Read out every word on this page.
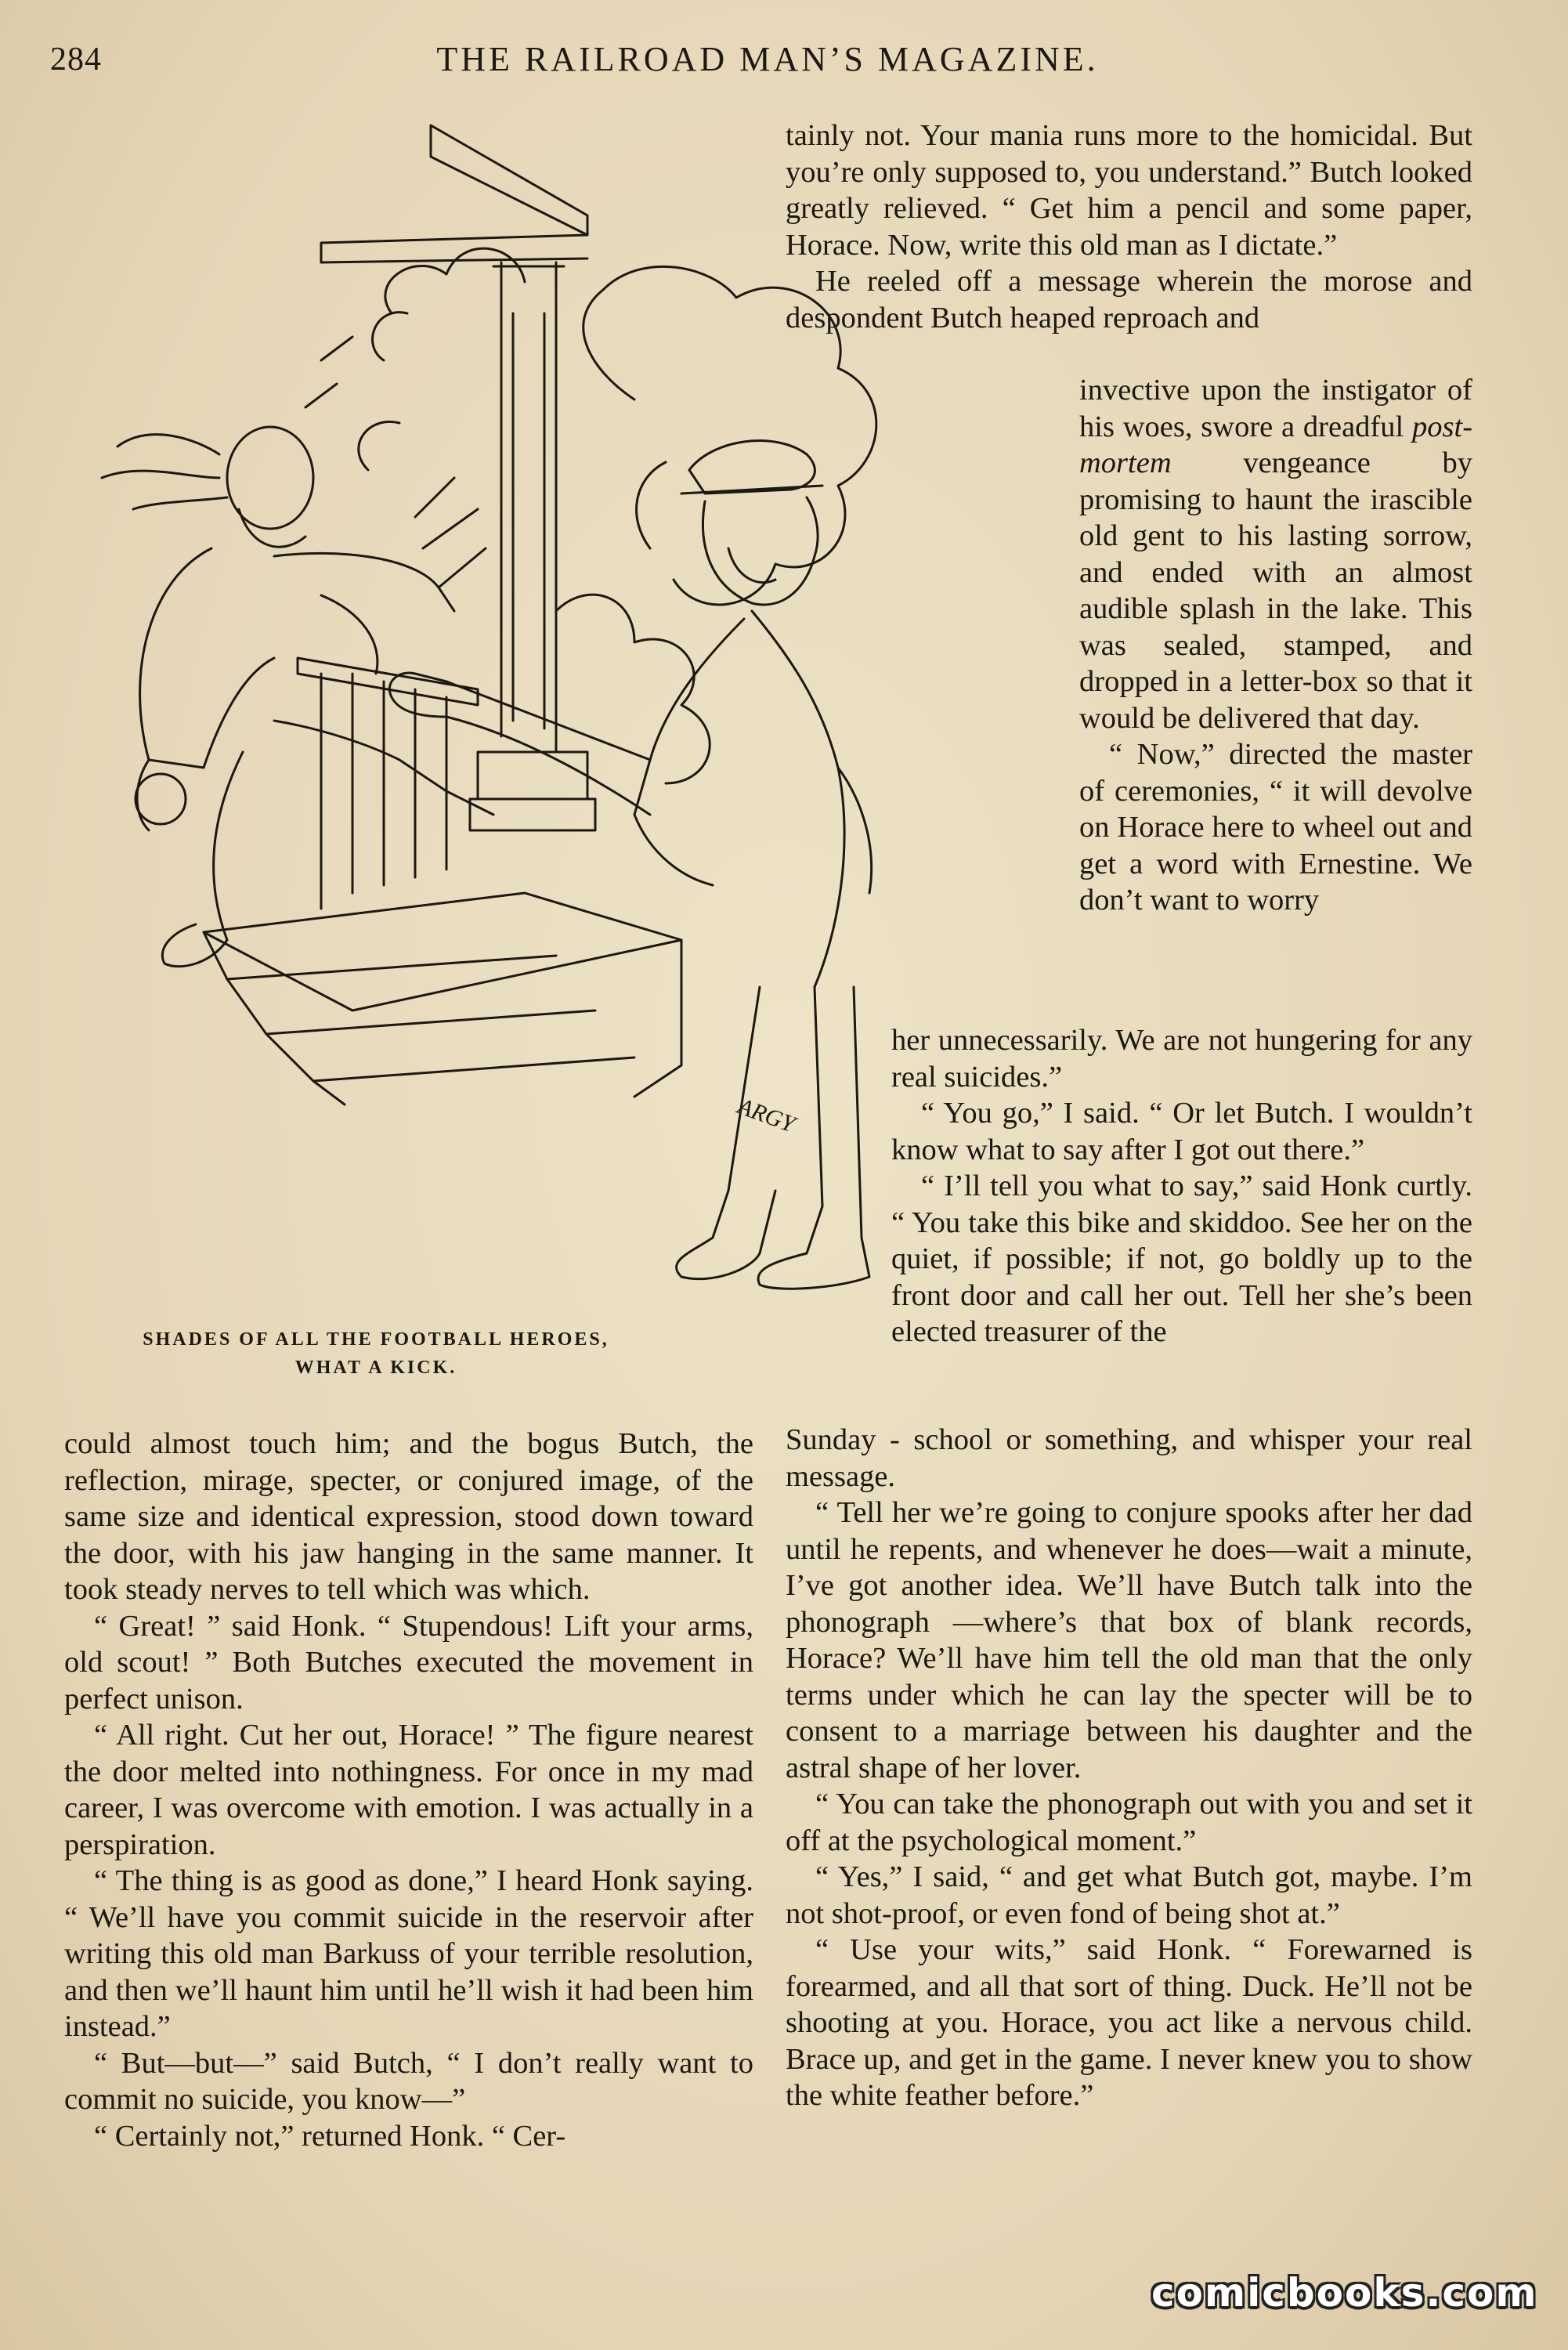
284	THE RAILROAD MAN’S MAGAZINE.
ARGY
SHADES OF ALL THE FOOTBALL HEROES,
WHAT A KICK.

tainly not. Your mania runs more to the homicidal. But you’re only supposed to, you understand.” Butch looked greatly relieved. “ Get him a pencil and some paper, Horace. Now, write this old man as I dictate.”

He reeled off a message wherein the morose and despondent Butch heaped reproach and

invective upon the instigator of his woes, swore a dreadful post-mortem vengeance by promising to haunt the irascible old gent to his lasting sorrow, and ended with an almost audible splash in the lake. This was sealed, stamped, and dropped in a letter-box so that it would be delivered that day.

“ Now,” directed the master of ceremonies, “ it will devolve on Horace here to wheel out and get a word with Ernestine. We don’t want to worry

her unnecessarily. We are not hungering for any real suicides.”

“ You go,” I said. “ Or let Butch. I wouldn’t know what to say after I got out there.”

“ I’ll tell you what to say,” said Honk curtly. “ You take this bike and skiddoo. See her on the quiet, if possible; if not, go boldly up to the front door and call her out. Tell her she’s been elected treasurer of the

Sunday - school or something, and whisper your real message.

“ Tell her we’re going to conjure spooks after her dad until he repents, and whenever he does—wait a minute, I’ve got another idea. We’ll have Butch talk into the phonograph —where’s that box of blank records, Horace? We’ll have him tell the old man that the only terms under which he can lay the specter will be to consent to a marriage between his daughter and the astral shape of her lover.

“ You can take the phonograph out with you and set it off at the psychological moment.”

“ Yes,” I said, “ and get what Butch got, maybe. I’m not shot-proof, or even fond of being shot at.”

“ Use your wits,” said Honk. “ Forewarned is forearmed, and all that sort of thing. Duck. He’ll not be shooting at you. Horace, you act like a nervous child. Brace up, and get in the game. I never knew you to show the white feather before.”

could almost touch him; and the bogus Butch, the reflection, mirage, specter, or conjured image, of the same size and identical expression, stood down toward the door, with his jaw hanging in the same manner. It took steady nerves to tell which was which.

“ Great! ” said Honk. “ Stupendous! Lift your arms, old scout! ” Both Butches executed the movement in perfect unison.

“ All right. Cut her out, Horace! ” The figure nearest the door melted into nothingness. For once in my mad career, I was overcome with emotion. I was actually in a perspiration.

“ The thing is as good as done,” I heard Honk saying. “ We’ll have you commit suicide in the reservoir after writing this old man Barkuss of your terrible resolution, and then we’ll haunt him until he’ll wish it had been him instead.”

“ But—but—” said Butch, “ I don’t really want to commit no suicide, you know—”

“ Certainly not,” returned Honk. “ Cer-

comicbooks.com
